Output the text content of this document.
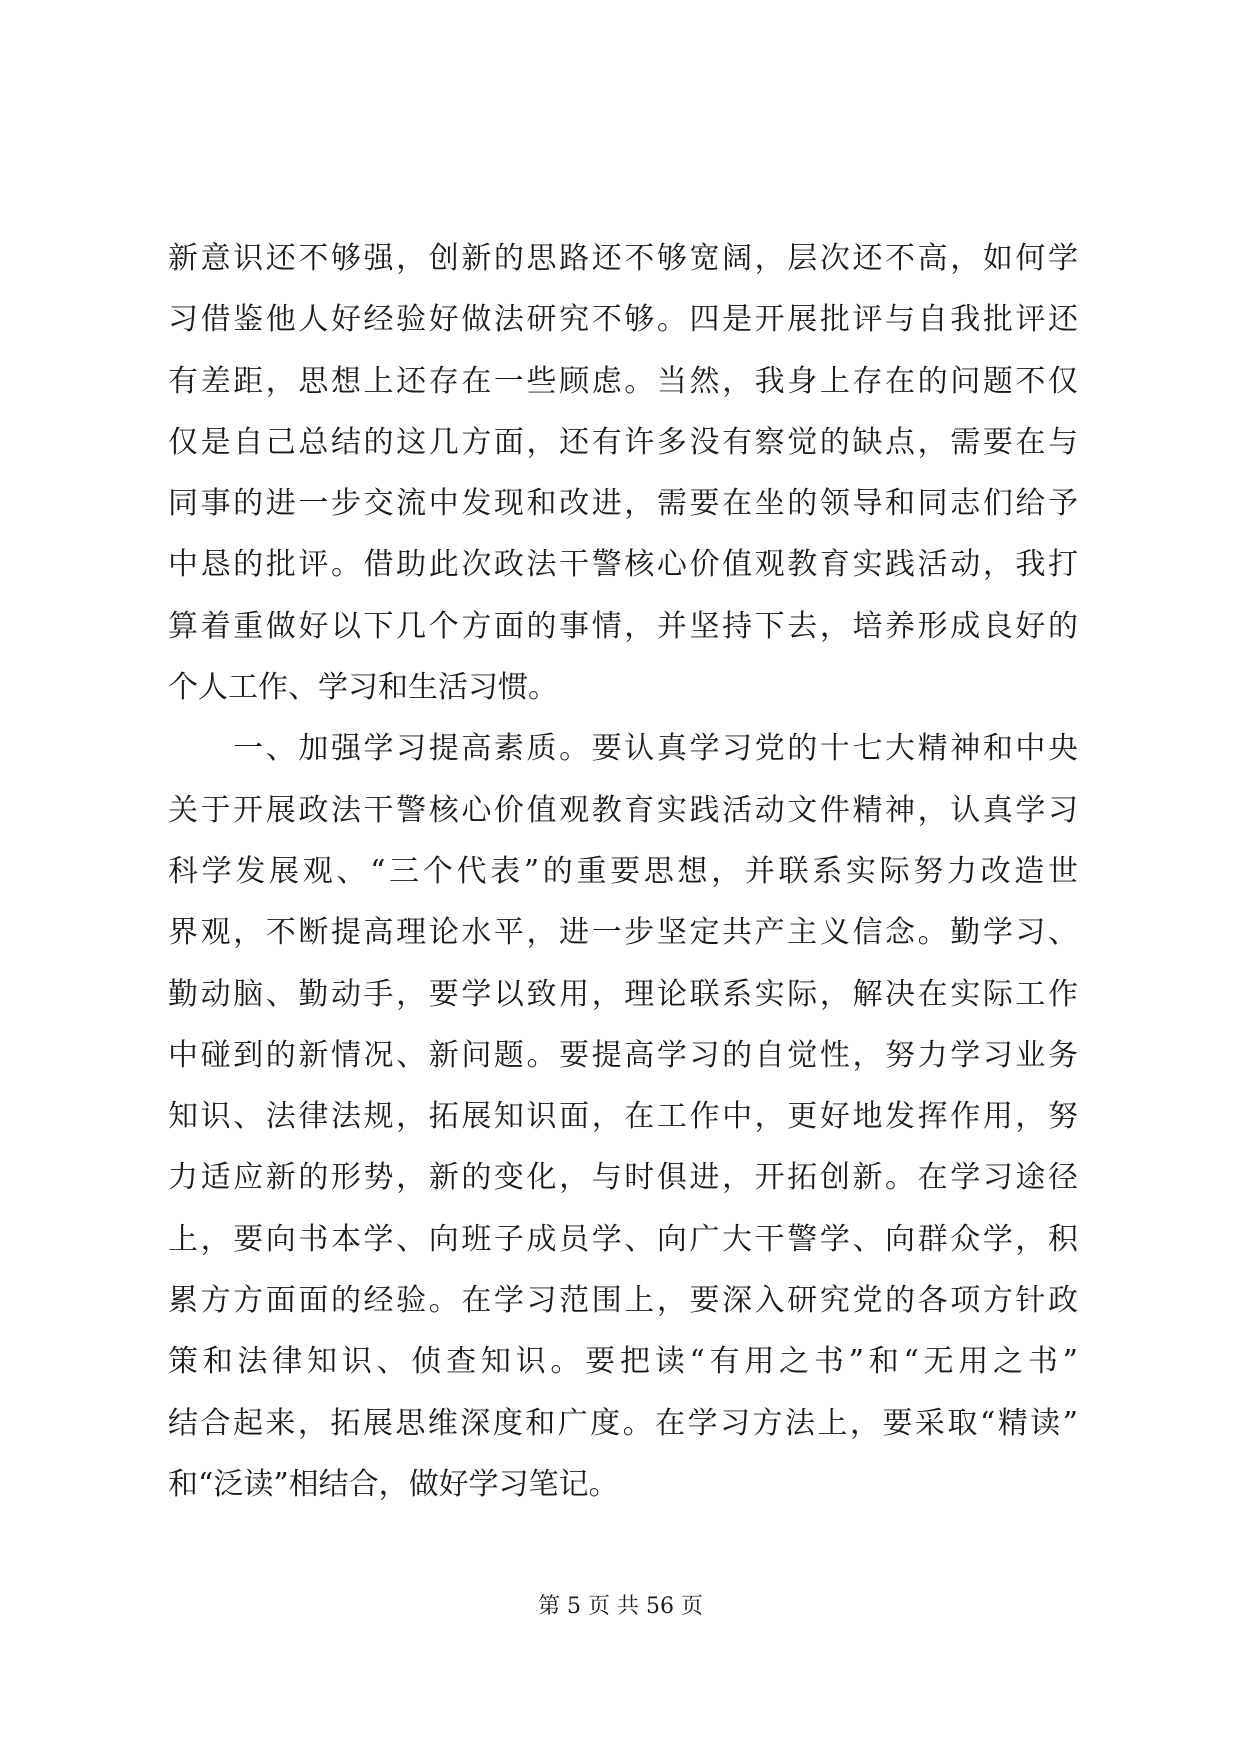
新意识还不够强，创新的思路还不够宽阔，层次还不高，如何学
习借鉴他人好经验好做法研究不够。四是开展批评与自我批评还
有差距，思想上还存在一些顾虑。当然，我身上存在的问题不仅
仅是自己总结的这几方面，还有许多没有察觉的缺点，需要在与
同事的进一步交流中发现和改进，需要在坐的领导和同志们给予
中恳的批评。借助此次政法干警核心价值观教育实践活动，我打
算着重做好以下几个方面的事情，并坚持下去，培养形成良好的
个人工作、学习和生活习惯。
　　一、加强学习提高素质。要认真学习党的十七大精神和中央
关于开展政法干警核心价值观教育实践活动文件精神，认真学习
科学发展观、“三个代表”的重要思想，并联系实际努力改造世
界观，不断提高理论水平，进一步坚定共产主义信念。勤学习、
勤动脑、勤动手，要学以致用，理论联系实际，解决在实际工作
中碰到的新情况、新问题。要提高学习的自觉性，努力学习业务
知识、法律法规，拓展知识面，在工作中，更好地发挥作用，努
力适应新的形势，新的变化，与时俱进，开拓创新。在学习途径
上，要向书本学、向班子成员学、向广大干警学、向群众学，积
累方方面面的经验。在学习范围上，要深入研究党的各项方针政
策和法律知识、侦查知识。要把读“有用之书”和“无用之书”
结合起来，拓展思维深度和广度。在学习方法上，要采取“精读”
和“泛读”相结合，做好学习笔记。
第 5 页 共 56 页
